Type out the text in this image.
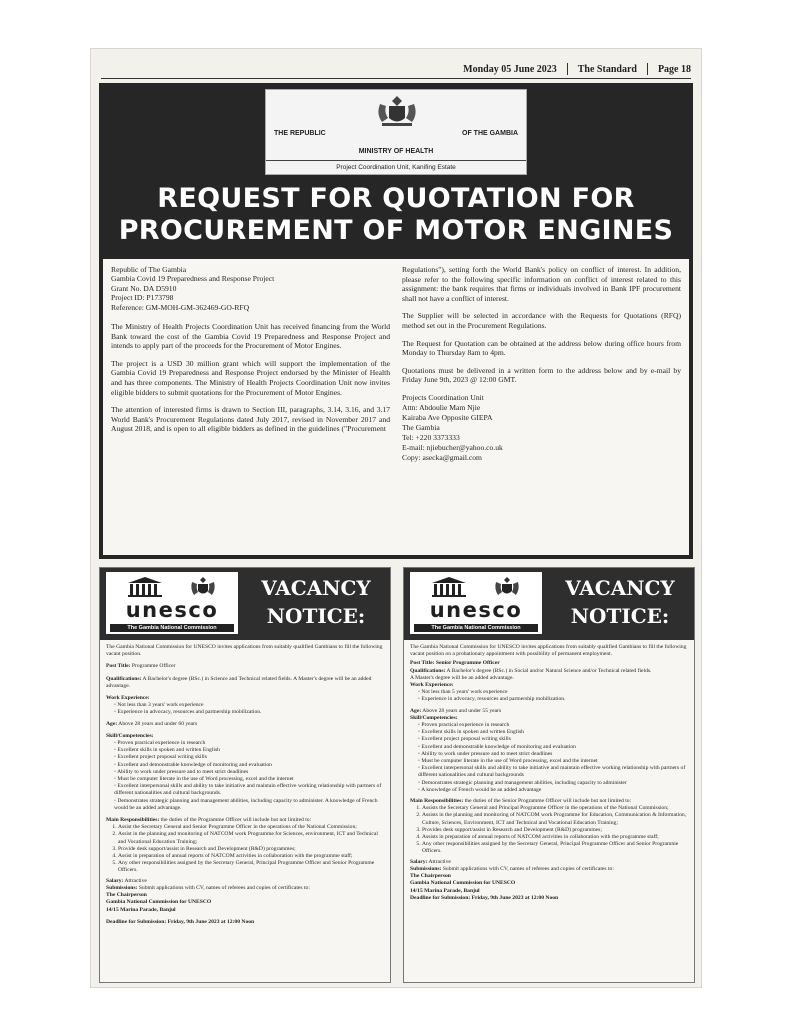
Monday 05 June 2023 The Standard Page 18
THE REPUBLIC	OF THE GAMBIA
MINISTRY OF HEALTH
Project Coordination Unit, Kanifing Estate
REQUEST FOR QUOTATION FOR
PROCUREMENT OF MOTOR ENGINES
Republic of The Gambia
Gambia Covid 19 Preparedness and Response Project
Grant No. DA D5910
Project ID: P173798
Reference: GM-MOH-GM-362469-GO-RFQ

The Ministry of Health Projects Coordination Unit has received financing from the World Bank toward the cost of the Gambia Covid 19 Preparedness and Response Project and intends to apply part of the proceeds for the Procurement of Motor Engines.

The project is a USD 30 million grant which will support the implementation of the Gambia Covid 19 Preparedness and Response Project endorsed by the Minister of Health and has three components. The Ministry of Health Projects Coordination Unit now invites eligible bidders to submit quotations for the Procurement of Motor Engines.

The attention of interested firms is drawn to Section III, paragraphs, 3.14, 3.16, and 3.17 World Bank's Procurement Regulations dated July 2017, revised in November 2017 and August 2018, and is open to all eligible bidders as defined in the guidelines ("Procurement

Regulations"), setting forth the World Bank's policy on conflict of interest. In addition, please refer to the following specific information on conflict of interest related to this assignment: the bank requires that firms or individuals involved in Bank IPF procurement shall not have a conflict of interest.

The Supplier will be selected in accordance with the Requests for Quotations (RFQ) method set out in the Procurement Regulations.

The Request for Quotation can be obtained at the address below during office hours from Monday to Thursday 8am to 4pm.

Quotations must be delivered in a written form to the address below and by e-mail by Friday June 9th, 2023 @ 12:00 GMT.

Projects Coordination Unit
Attn: Abdoulie Mam Njie
Kairaba Ave Opposite GIEPA
The Gambia
Tel: +220 3373333
E-mail: njiebucher@yahoo.co.uk
Copy: asecka@gmail.com
unesco
The Gambia National Commission
VACANCY NOTICE:
The Gambia National Commission for UNESCO invites applications from suitably qualified Gambians to fill the following vacant position.
Post Title: Programme Officer
Qualifications: A Bachelor's degree (BSc.) in Science and Technical related fields. A Master's degree will be an added advantage.
Work Experience:
◦ Not less than 3 years' work experience
◦ Experience in advocacy, resources and partnership mobilization.
Age: Above 28 years and under 60 years
Skill/Competencies:
◦ Proven practical experience in research
◦ Excellent skills in spoken and written English
◦ Excellent project proposal writing skills
◦ Excellent and demonstrable knowledge of monitoring and evaluation
◦ Ability to work under pressure and to meet strict deadlines
◦ Must be computer literate in the use of Word processing, excel and the internet
◦ Excellent interpersonal skills and ability to take initiative and maintain effective working relationship with partners of different nationalities and cultural backgrounds.
◦ Demonstrates strategic planning and management abilities, including capacity to administer. A knowledge of French would be an added advantage.
Main Responsibilities: the duties of the Programme Officer will include but not limited to:
1. Assist the Secretary General and Senior Programme Officer in the operations of the National Commission;
2. Assist in the planning and monitoring of NATCOM work Programme for Sciences, environment, ICT and Technical and Vocational Education Training;
3. Provide desk support/assist in Research and Development (R&D) programmes;
4. Assist in preparation of annual reports of NATCOM activities in collaboration with the programme staff;
5. Any other responsibilities assigned by the Secretary General, Principal Programme Officer and Senior Programme Officers.
Salary: Attractive
Submissions: Submit applications with CV, names of referees and copies of certificates to:
The Chairperson
Gambia National Commission for UNESCO
14/15 Marina Parade, Banjul
Deadline for Submission: Friday, 9th June 2023 at 12:00 Noon
unesco
The Gambia National Commission
VACANCY NOTICE:
The Gambia National Commission for UNESCO invites applications from suitably qualified Gambians to fill the following vacant position on a probationary appointment with possibility of permanent employment.
Post Title: Senior Programme Officer
Qualifications: A Bachelor's degree (BSc.) in Social and/or Natural Science and/or Technical related fields.
A Master's degree will be an added advantage.
Work Experience:
◦ Not less than 5 years' work experience
◦ Experience in advocacy, resources and partnership mobilization.
Age: Above 28 years and under 55 years
Skill/Competencies:
◦ Proven practical experience in research
◦ Excellent skills in spoken and written English
◦ Excellent project proposal writing skills
◦ Excellent and demonstrable knowledge of monitoring and evaluation
◦ Ability to work under pressure and to meet strict deadlines
◦ Must be computer literate in the use of Word processing, excel and the internet
◦ Excellent interpersonal skills and ability to take initiative and maintain effective working relationship with partners of different nationalities and cultural backgrounds
◦ Demonstrates strategic planning and management abilities, including capacity to administer
◦ A knowledge of French would be an added advantage
Main Responsibilities: the duties of the Senior Programme Officer will include but not limited to:
1. Assists the Secretary General and Principal Programme Officer in the operations of the National Commission;
2. Assists in the planning and monitoring of NATCOM work Programme for Education, Communication & Information, Culture, Sciences, Environment, ICT and Technical and Vocational Education Training;
3. Provides desk support/assist in Research and Development (R&D) programmes;
4. Assists in preparation of annual reports of NATCOM activities in collaboration with the programme staff;
5. Any other responsibilities assigned by the Secretary General, Principal Programme Officer and Senior Programme Officers.
Salary: Attractive
Submissions: Submit applications with CV, names of referees and copies of certificates to:
The Chairperson
Gambia National Commission for UNESCO
14/15 Marina Parade, Banjul
Deadline for Submission: Friday, 9th June 2023 at 12:00 Noon
